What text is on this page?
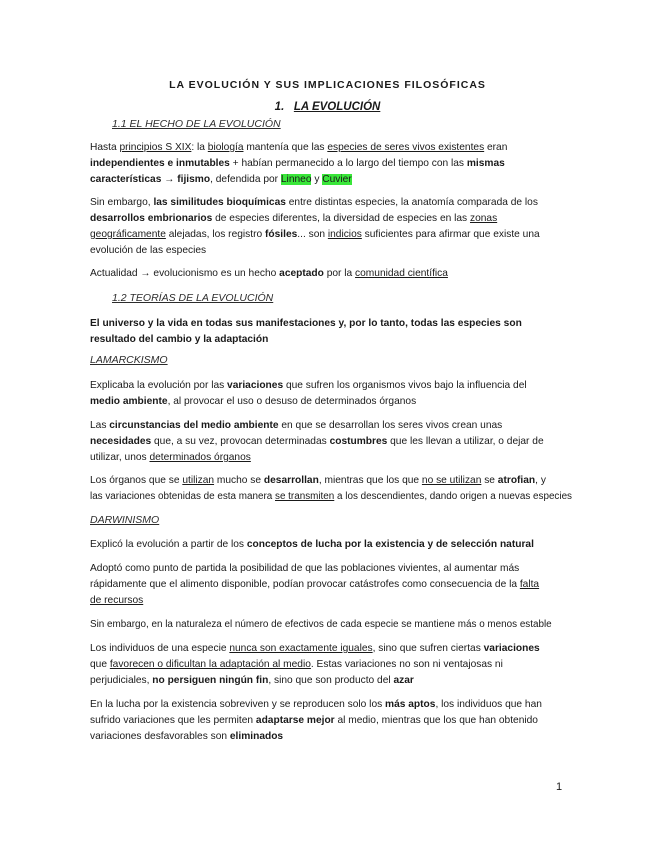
LA EVOLUCIÓN Y SUS IMPLICACIONES FILOSÓFICAS
1. LA EVOLUCIÓN
1.1 EL HECHO DE LA EVOLUCIÓN
Hasta principios S XIX: la biología mantenía que las especies de seres vivos existentes eran
independientes e inmutables + habían permanecido a lo largo del tiempo con las mismas
características → fijismo, defendida por Linneo y Cuvier
Sin embargo, las similitudes bioquímicas entre distintas especies, la anatomía comparada de los
desarrollos embrionarios de especies diferentes, la diversidad de especies en las zonas
geográficamente alejadas, los registro fósiles... son indicios suficientes para afirmar que existe una
evolución de las especies
Actualidad → evolucionismo es un hecho aceptado por la comunidad científica
1.2 TEORÍAS DE LA EVOLUCIÓN
El universo y la vida en todas sus manifestaciones y, por lo tanto, todas las especies son
resultado del cambio y la adaptación
LAMARCKISMO
Explicaba la evolución por las variaciones que sufren los organismos vivos bajo la influencia del
medio ambiente, al provocar el uso o desuso de determinados órganos
Las circunstancias del medio ambiente en que se desarrollan los seres vivos crean unas
necesidades que, a su vez, provocan determinadas costumbres que les llevan a utilizar, o dejar de
utilizar, unos determinados órganos
Los órganos que se utilizan mucho se desarrollan, mientras que los que no se utilizan se atrofian, y
las variaciones obtenidas de esta manera se transmiten a los descendientes, dando origen a nuevas especies
DARWINISMO
Explicó la evolución a partir de los conceptos de lucha por la existencia y de selección natural
Adoptó como punto de partida la posibilidad de que las poblaciones vivientes, al aumentar más
rápidamente que el alimento disponible, podían provocar catástrofes como consecuencia de la falta
de recursos
Sin embargo, en la naturaleza el número de efectivos de cada especie se mantiene más o menos estable
Los individuos de una especie nunca son exactamente iguales, sino que sufren ciertas variaciones
que favorecen o dificultan la adaptación al medio. Estas variaciones no son ni ventajosas ni
perjudiciales, no persiguen ningún fin, sino que son producto del azar
En la lucha por la existencia sobreviven y se reproducen solo los más aptos, los individuos que han
sufrido variaciones que les permiten adaptarse mejor al medio, mientras que los que han obtenido
variaciones desfavorables son eliminados
1
